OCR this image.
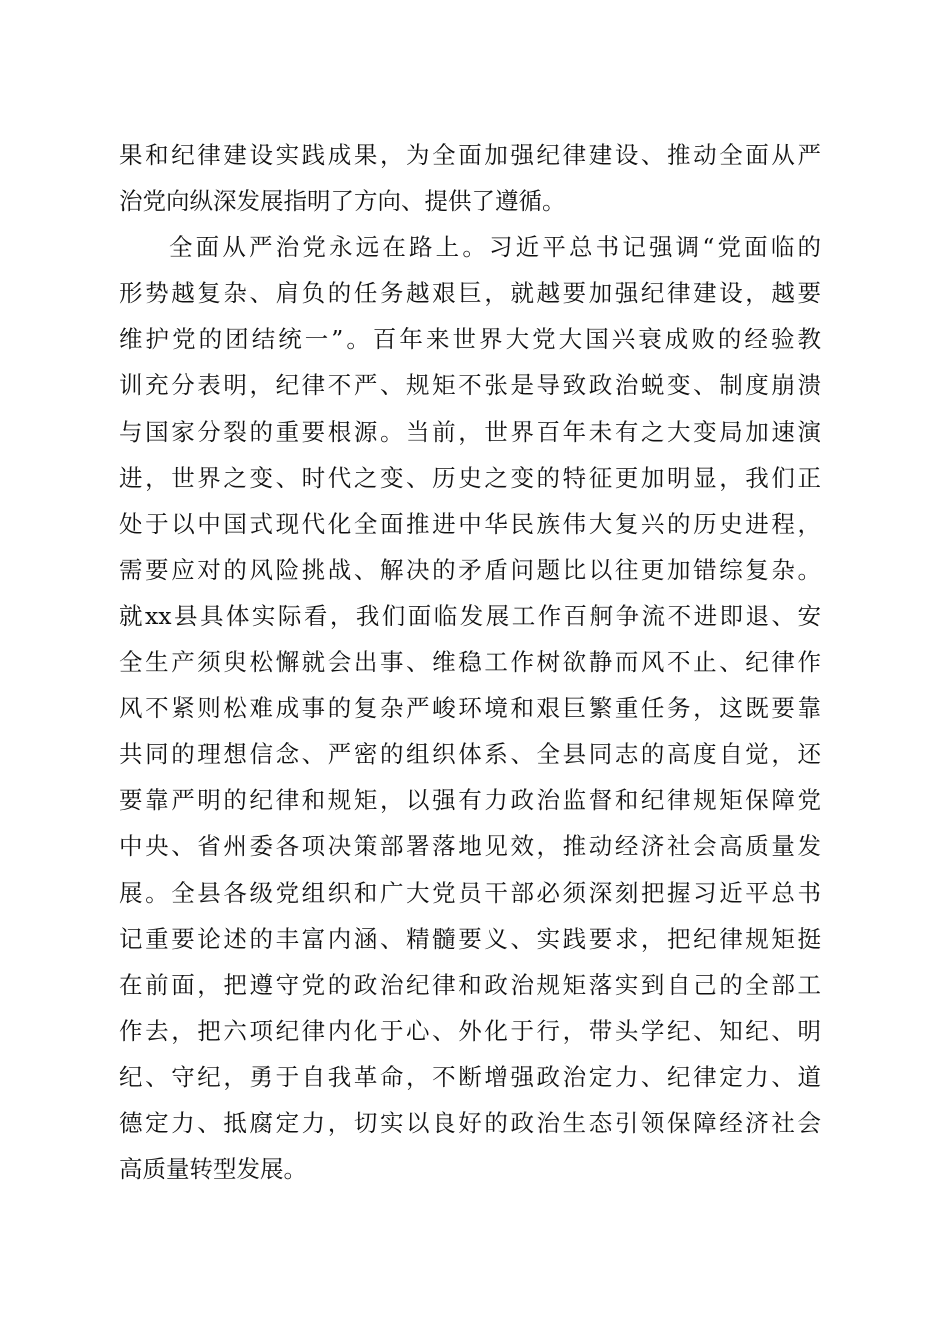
果和纪律建设实践成果，为全面加强纪律建设、推动全面从严
治党向纵深发展指明了方向、提供了遵循。
全面从严治党永远在路上。习近平总书记强调“党面临的
形势越复杂、肩负的任务越艰巨，就越要加强纪律建设，越要
维护党的团结统一”。百年来世界大党大国兴衰成败的经验教
训充分表明，纪律不严、规矩不张是导致政治蜕变、制度崩溃
与国家分裂的重要根源。当前，世界百年未有之大变局加速演
进，世界之变、时代之变、历史之变的特征更加明显，我们正
处于以中国式现代化全面推进中华民族伟大复兴的历史进程，
需要应对的风险挑战、解决的矛盾问题比以往更加错综复杂。
就xx县具体实际看，我们面临发展工作百舸争流不进即退、安
全生产须臾松懈就会出事、维稳工作树欲静而风不止、纪律作
风不紧则松难成事的复杂严峻环境和艰巨繁重任务，这既要靠
共同的理想信念、严密的组织体系、全县同志的高度自觉，还
要靠严明的纪律和规矩，以强有力政治监督和纪律规矩保障党
中央、省州委各项决策部署落地见效，推动经济社会高质量发
展。全县各级党组织和广大党员干部必须深刻把握习近平总书
记重要论述的丰富内涵、精髓要义、实践要求，把纪律规矩挺
在前面，把遵守党的政治纪律和政治规矩落实到自己的全部工
作去，把六项纪律内化于心、外化于行，带头学纪、知纪、明
纪、守纪，勇于自我革命，不断增强政治定力、纪律定力、道
德定力、抵腐定力，切实以良好的政治生态引领保障经济社会
高质量转型发展。
